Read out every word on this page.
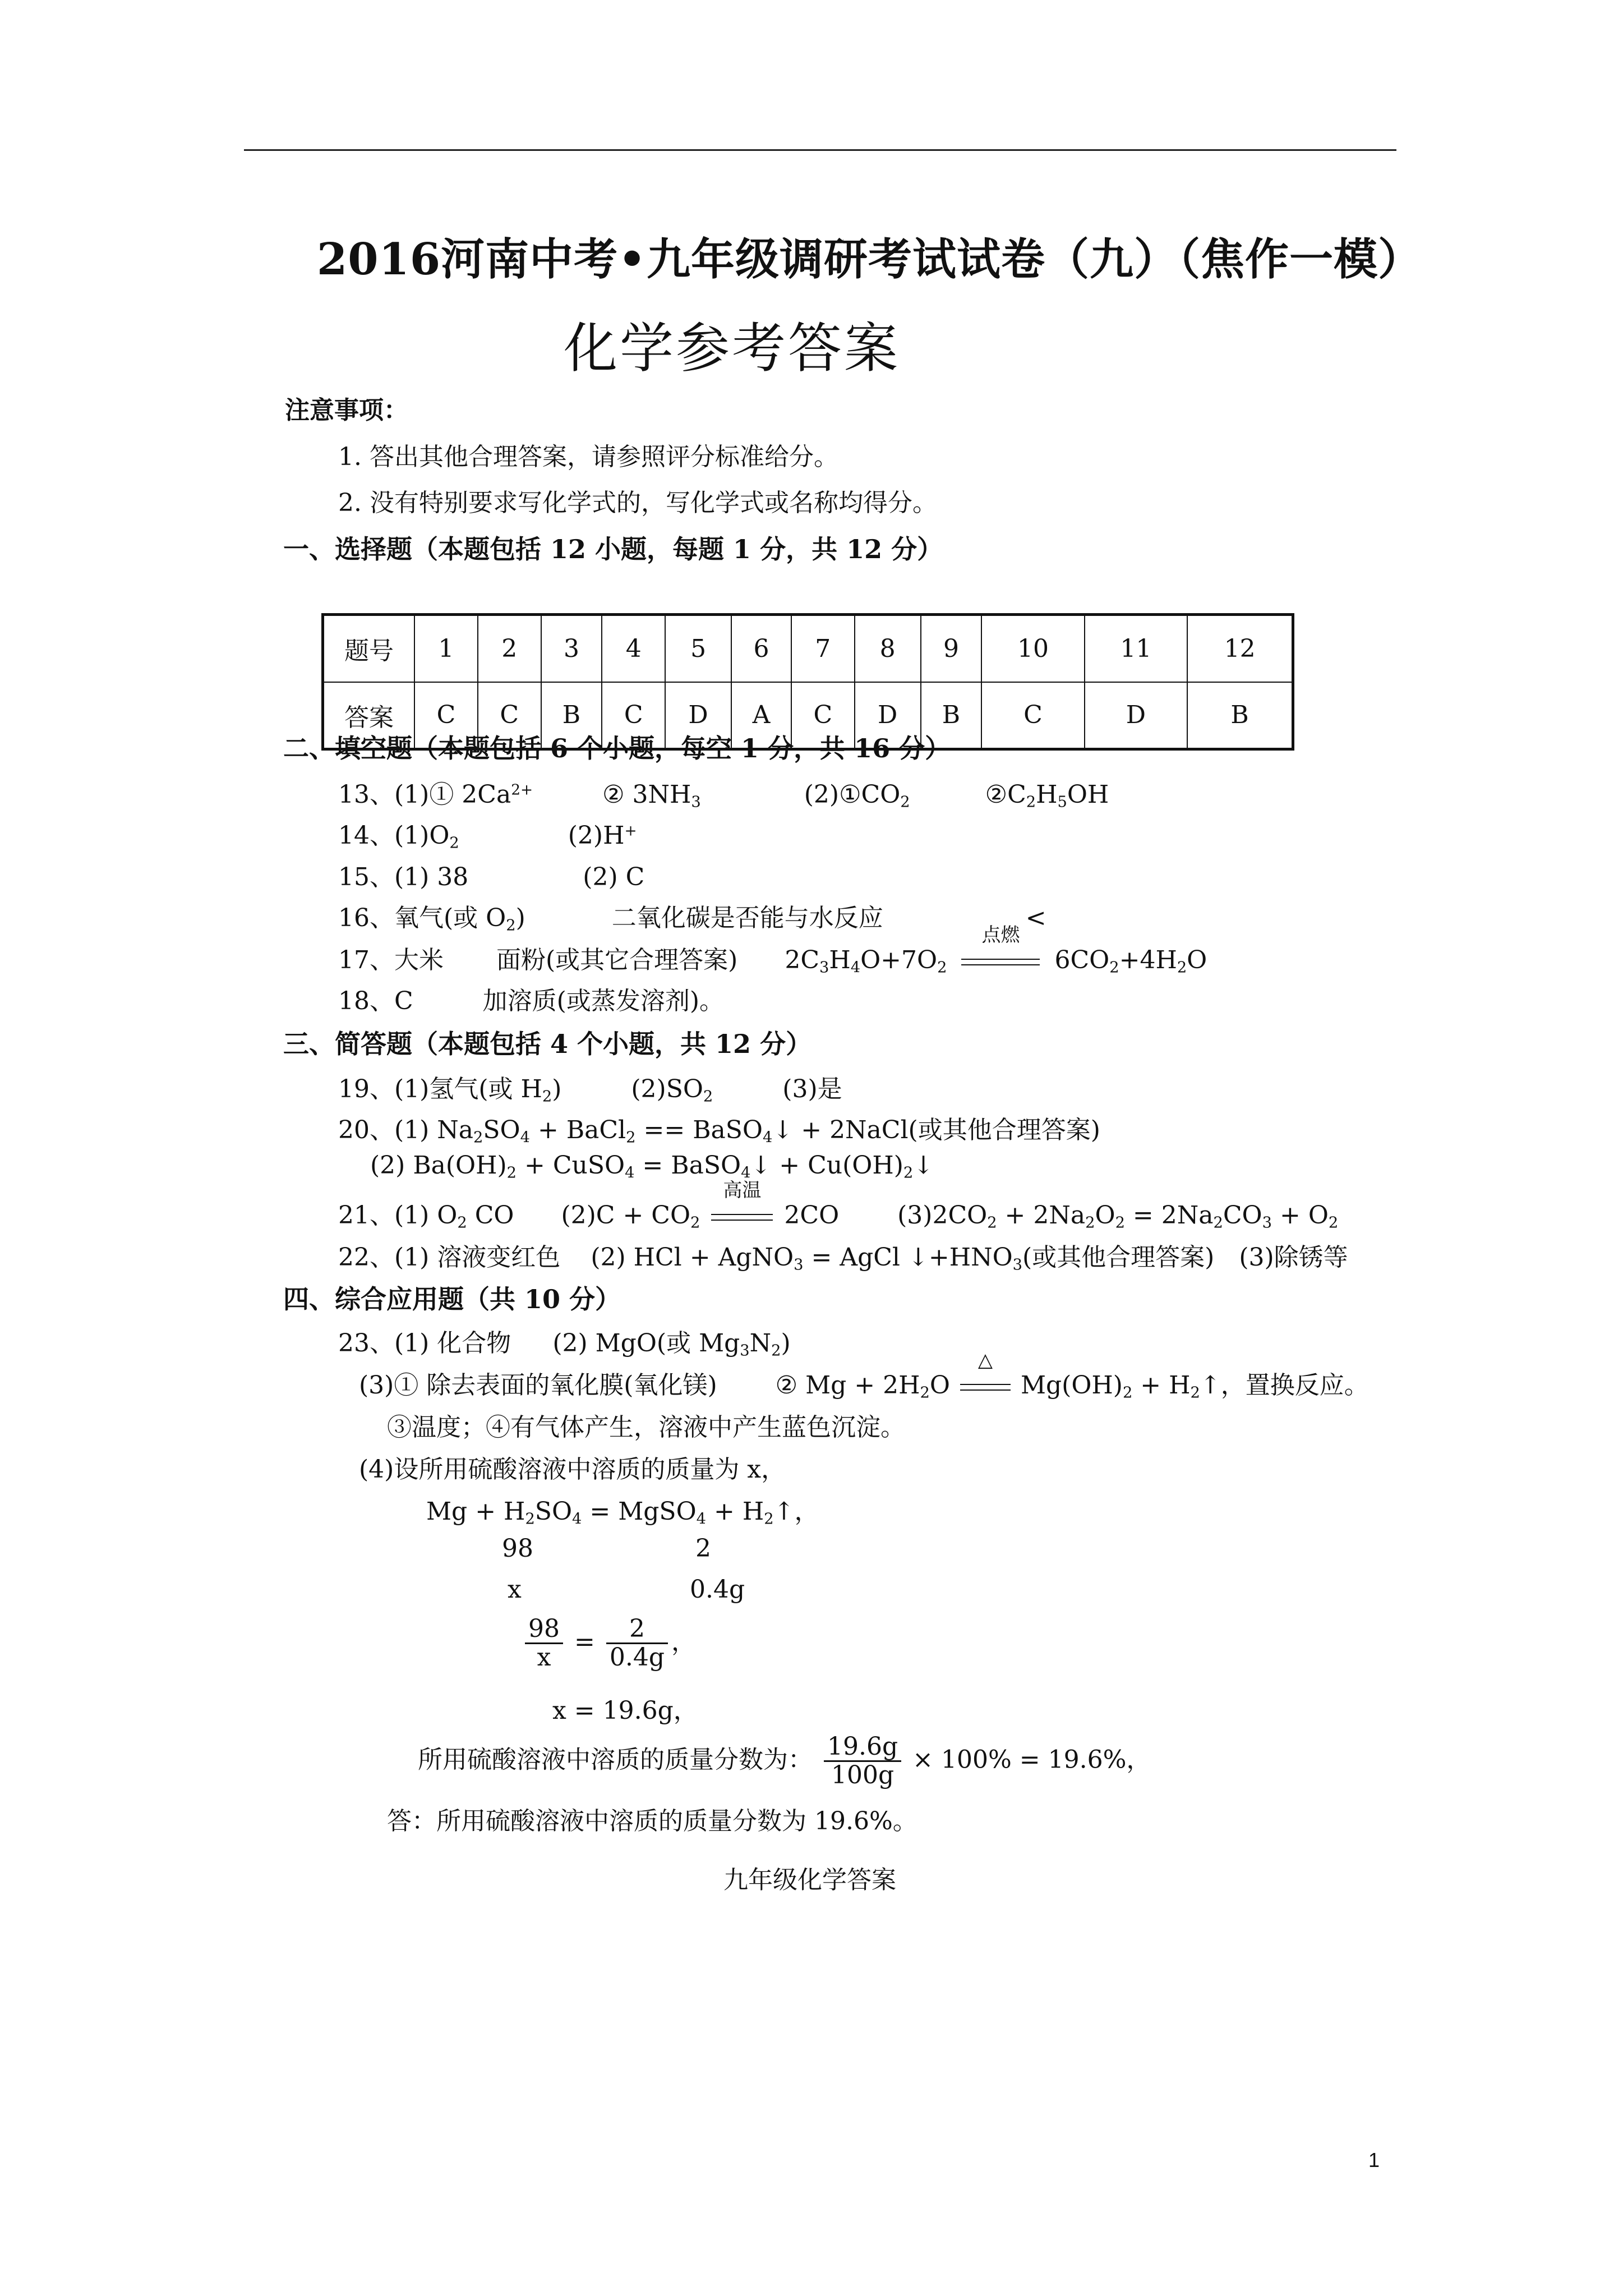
2016河南中考•九年级调研考试试卷（九）（焦作一模）
化学参考答案
注意事项：
1. 答出其他合理答案，请参照评分标准给分。
2. 没有特别要求写化学式的，写化学式或名称均得分。
一、选择题（本题包括 12 小题，每题 1 分，共 12 分）
题号	1	2	3	4	5	6	7	8	9	10	11	12
答案	C	C	B	C	D	A	C	D	B	C	D	B
二、填空题（本题包括 6 个小题，每空 1 分，共 16 分）
13、(1)① $2Ca^{2+}$	② $3NH_3$	$(2)①CO_2$	$②C_2H_5OH$
14、$(1)O_2$	(2)H+
15、(1) 38	(2) C
16、氧气(或 $O_2$)	二氧化碳是否能与水反应	<
17、大米 面粉(或其它合理答案) $2C_3H_4O+7O_2$
点燃
$6CO_2+4H_2O$
18、C	加溶质(或蒸发溶剂)。
三、简答题（本题包括 4 个小题，共 12 分）
19、(1)氢气(或 $H_2$)	$(2)SO_2$	(3)是
20、(1) $Na_2SO_4$ + BaCl$_2$ == BaSO$_4$↓ + 2NaCl(或其他合理答案)
(2) $Ba(OH)_2$ + CuSO$_4$ = BaSO$_4$↓ + $Cu(OH)_2↓$
21、(1) $O_2$ CO $(2)C + CO_2$
高温
2CO $(3)2CO_2 + 2Na_2O_2 = 2Na_2CO_3 + O_2$
22、(1) 溶液变红色 (2) HCl + AgNO$_3$ = AgCl $↓+HNO_3$(或其他合理答案) (3)除锈等
四、综合应用题（共 10 分）
23、(1) 化合物 (2) MgO(或 $Mg_3N_2$)
(3)① 除去表面的氧化膜(氧化镁) ② $Mg + 2H_2O$
△
$Mg(OH)_2$ + $H_2↑$，置换反应。
③温度；④有气体产生，溶液中产生蓝色沉淀。
(4)设所用硫酸溶液中溶质的质量为 x，
$Mg + H_2SO_4$ = MgSO$_4$ + $H_2↑$，
98	2
x	0.4g
$\frac{98}{x} = \frac{2}{0.4g}$ ，
x = 19.6g，
所用硫酸溶液中溶质的质量分数为： $\frac{19.6g}{100g} \times 100\% = 19.6\%$，
答：所用硫酸溶液中溶质的质量分数为 19.6%。
九年级化学答案
1
